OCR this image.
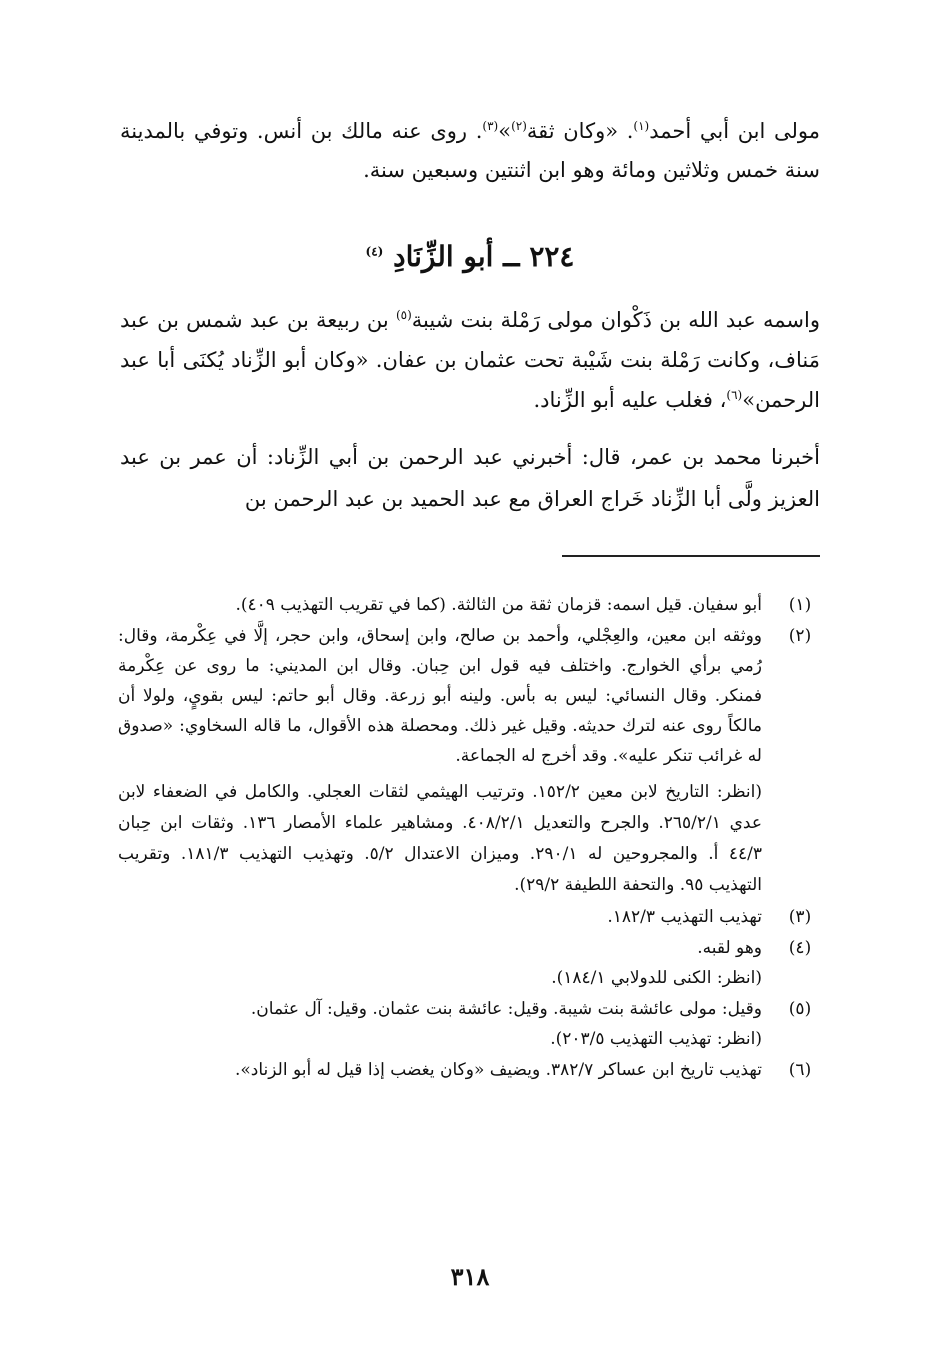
مولى ابن أبي أحمد$^{(١)}$. «وكان ثقة$^{(٢)}$»$^{(٣)}$. روى عنه مالك بن أنس. وتوفي بالمدينة سنة خمس وثلاثين ومائة وهو ابن اثنتين وسبعين سنة.
٢٢٤ ــ أبو الزِّنَادِ $^{(٤)}$
واسمه عبد الله بن ذَكْوان مولى رَمْلة بنت شيبة$^{(٥)}$ بن ربيعة بن عبد شمس بن عبد مَناف، وكانت رَمْلة بنت شَيْبة تحت عثمان بن عفان. «وكان أبو الزِّناد يُكنَى أبا عبد الرحمن»$^{(٦)}$، فغلب عليه أبو الزِّناد.
أخبرنا محمد بن عمر، قال: أخبرني عبد الرحمن بن أبي الزِّناد: أن عمر بن عبد العزيز ولَّى أبا الزِّناد خَراج العراق مع عبد الحميد بن عبد الرحمن بن
(١)
أبو سفيان. قيل اسمه: قزمان ثقة من الثالثة. (كما في تقريب التهذيب ٤٠٩).
(٢)
ووثقه ابن معين، والعِجْلي، وأحمد بن صالح، وابن إسحاق، وابن حجر، إلَّا في عِكْرمة، وقال: رُمي برأي الخوارج. واختلف فيه قول ابن حِبان. وقال ابن المديني: ما روى عن عِكْرمة فمنكر. وقال النسائي: ليس به بأس. ولينه أبو زرعة. وقال أبو حاتم: ليس بقويٍ، ولولا أن مالكاً روى عنه لترك حديثه. وقيل غير ذلك. ومحصلة هذه الأقوال، ما قاله السخاوي: «صدوق له غرائب تنكر عليه». وقد أخرج له الجماعة.
(انظر: التاريخ لابن معين ١٥٢/٢. وترتيب الهيثمي لثقات العجلي. والكامل في الضعفاء لابن عدي ٢٦٥/٢/١. والجرح والتعديل ٤٠٨/٢/١. ومشاهير علماء الأمصار ١٣٦. وثقات ابن حِبان ٤٤/٣ أ. والمجروحين له ٢٩٠/١. وميزان الاعتدال ٥/٢. وتهذيب التهذيب ١٨١/٣. وتقريب التهذيب ٩٥. والتحفة اللطيفة ٢٩/٢).
(٣)
تهذيب التهذيب ١٨٢/٣.
(٤)
وهو لقبه.
(انظر: الكنى للدولابي ١٨٤/١).
(٥)
وقيل: مولى عائشة بنت شيبة. وقيل: عائشة بنت عثمان. وقيل: آل عثمان.
(انظر: تهذيب التهذيب ٢٠٣/٥).
(٦)
تهذيب تاريخ ابن عساكر ٣٨٢/٧. ويضيف «وكان يغضب إذا قيل له أبو الزناد».
٣١٨
